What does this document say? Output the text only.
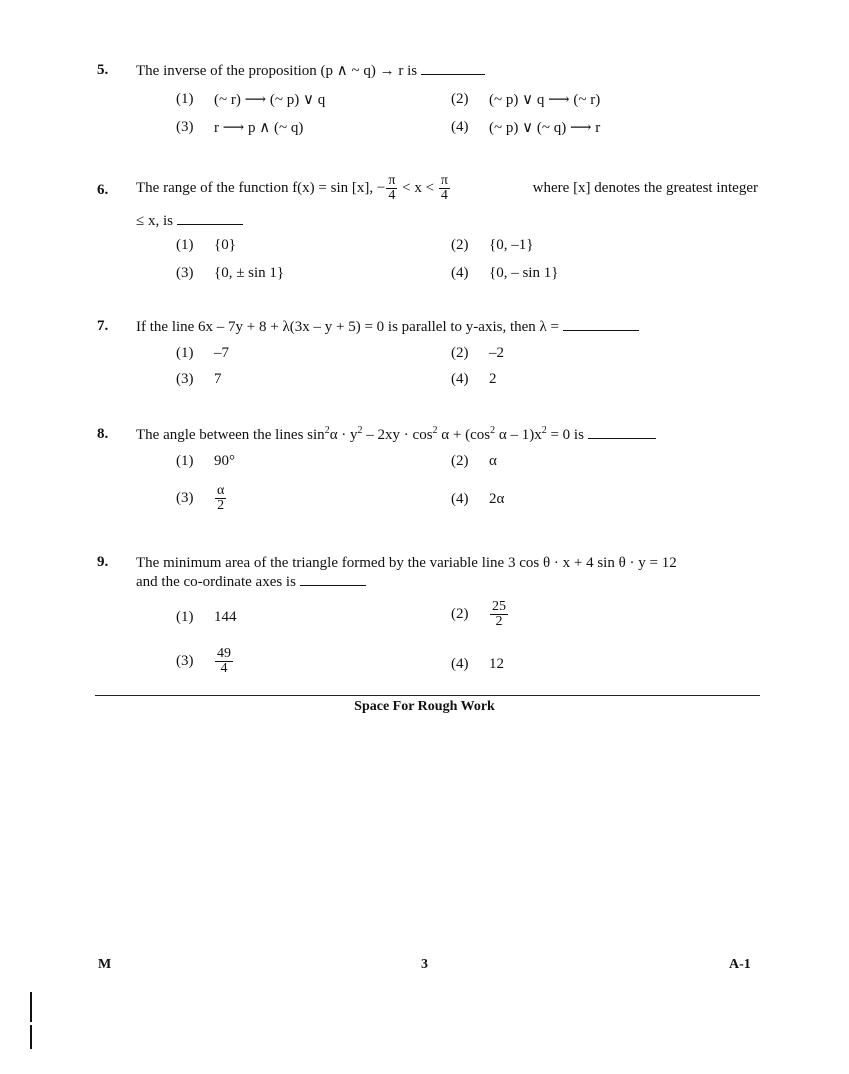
5. The inverse of the proposition (p ∧ ~ q) → r is
(1)	(~ r) ⟶ (~ p) ∨ q	(2)	(~ p) ∨ q ⟶ (~ r)
(3)	r ⟶ p ∧ (~ q)	(4)	(~ p) ∨ (~ q) ⟶ r
6. The range of the function f(x) = sin [x], − $\frac{\pi}{4} < x < \frac{\pi}{4}$	where [x] denotes the greatest integer
≤ x, is
(1)	{0}	(2)	{0, –1}
(3)	{0, ± sin 1}	(4)	{0, – sin 1}
7. If the line 6x – 7y + 8 + λ(3x – y + 5) = 0 is parallel to y-axis, then λ =
(1)	–7	(2)	–2
(3)	7	(4)	2
8. The angle between the lines $\sin^2\alpha \cdot y^2 - 2xy \cdot \cos^2 \alpha + (\cos^2$ $\alpha - 1)x^2 = 0$ is
(1)	90°	(2)	α
(3)	$\frac{\alpha}{2}$	(4)	2α
9. The minimum area of the triangle formed by the variable line 3 cos θ · x + 4 sin θ · y = 12
and the co-ordinate axes is
(1)	144	(2)	$\frac{25}{2}$
(3)	$\frac{49}{4}$	(4)	12
Space For Rough Work
M	3	A-1
